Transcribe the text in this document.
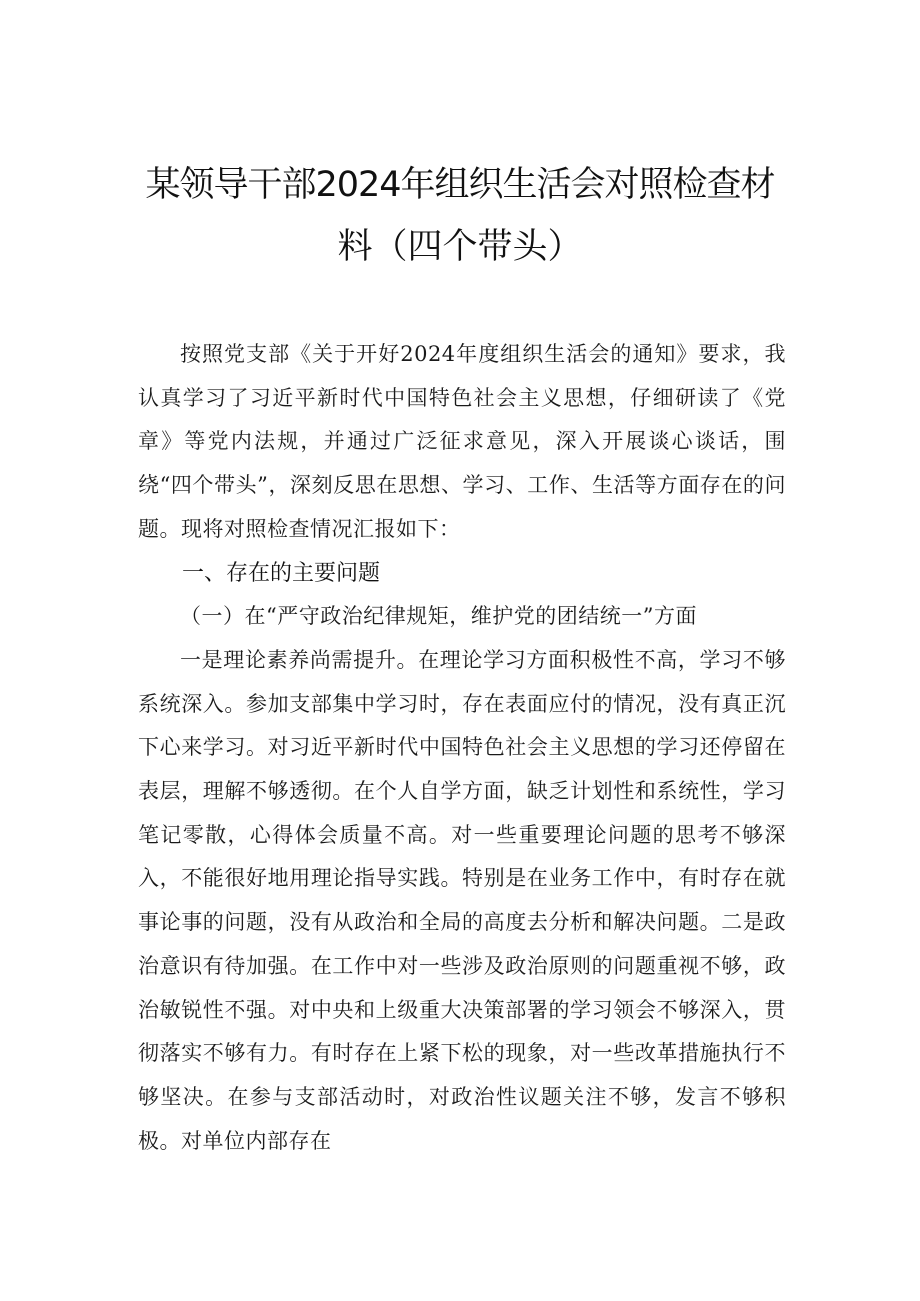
某领导干部2024年组织生活会对照检查材
料（四个带头）

按照党支部《关于开好2024年度组织生活会的通知》要求，我认真学习了习近平新时代中国特色社会主义思想，仔细研读了《党章》等党内法规，并通过广泛征求意见，深入开展谈心谈话，围绕“四个带头”，深刻反思在思想、学习、工作、生活等方面存在的问题。现将对照检查情况汇报如下：

一、存在的主要问题

（一）在“严守政治纪律规矩，维护党的团结统一”方面

一是理论素养尚需提升。在理论学习方面积极性不高，学习不够系统深入。参加支部集中学习时，存在表面应付的情况，没有真正沉下心来学习。对习近平新时代中国特色社会主义思想的学习还停留在表层，理解不够透彻。在个人自学方面，缺乏计划性和系统性，学习笔记零散，心得体会质量不高。对一些重要理论问题的思考不够深入，不能很好地用理论指导实践。特别是在业务工作中，有时存在就事论事的问题，没有从政治和全局的高度去分析和解决问题。二是政治意识有待加强。在工作中对一些涉及政治原则的问题重视不够，政治敏锐性不强。对中央和上级重大决策部署的学习领会不够深入，贯彻落实不够有力。有时存在上紧下松的现象，对一些改革措施执行不够坚决。在参与支部活动时，对政治性议题关注不够，发言不够积极。对单位内部存在
